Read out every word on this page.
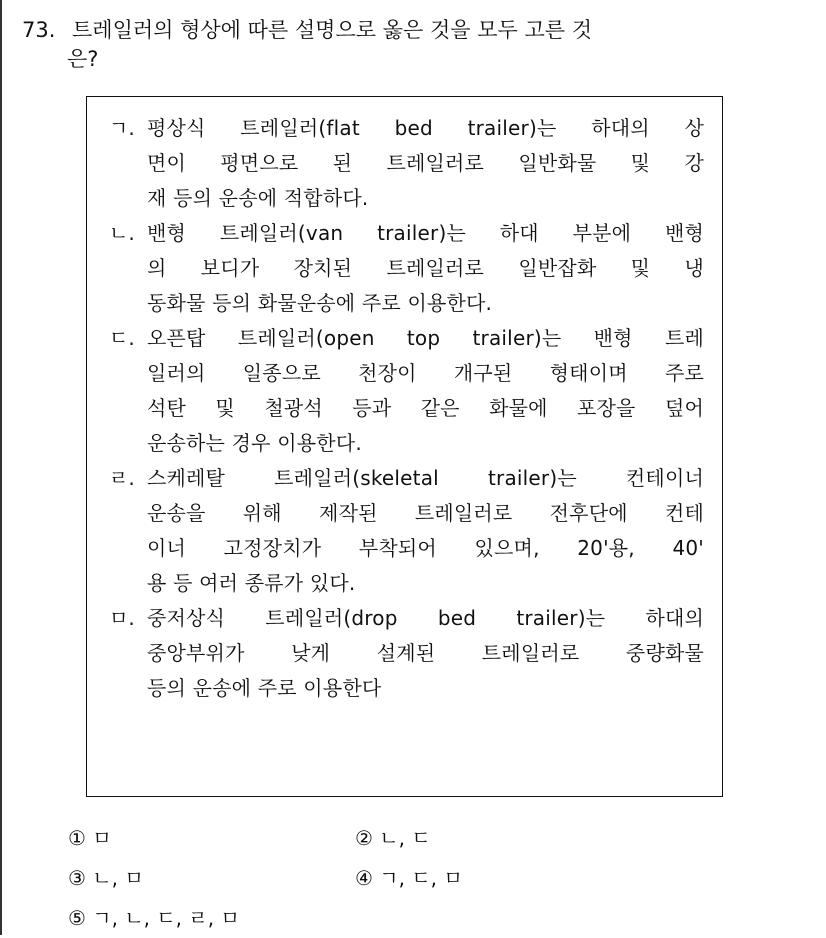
73. 트레일러의 형상에 따른 설명으로 옳은 것을 모두 고른 것
은?
ㄱ. 평상식 트레일러(flat bed trailer)는 하대의 상
면이 평면으로 된 트레일러로 일반화물 및 강
재 등의 운송에 적합하다.
ㄴ. 밴형 트레일러(van trailer)는 하대 부분에 밴형
의 보디가 장치된 트레일러로 일반잡화 및 냉
동화물 등의 화물운송에 주로 이용한다.
ㄷ. 오픈탑 트레일러(open top trailer)는 밴형 트레
일러의 일종으로 천장이 개구된 형태이며 주로
석탄 및 철광석 등과 같은 화물에 포장을 덮어
운송하는 경우 이용한다.
ㄹ. 스케레탈 트레일러(skeletal trailer)는 컨테이너
운송을 위해 제작된 트레일러로 전후단에 컨테
이너 고정장치가 부착되어 있으며, 20'용, 40'
용 등 여러 종류가 있다.
ㅁ. 중저상식 트레일러(drop bed trailer)는 하대의
중앙부위가 낮게 설계된 트레일러로 중량화물
등의 운송에 주로 이용한다
① ㅁ	② ㄴ, ㄷ
③ ㄴ, ㅁ	④ ㄱ, ㄷ, ㅁ
⑤ ㄱ, ㄴ, ㄷ, ㄹ, ㅁ
